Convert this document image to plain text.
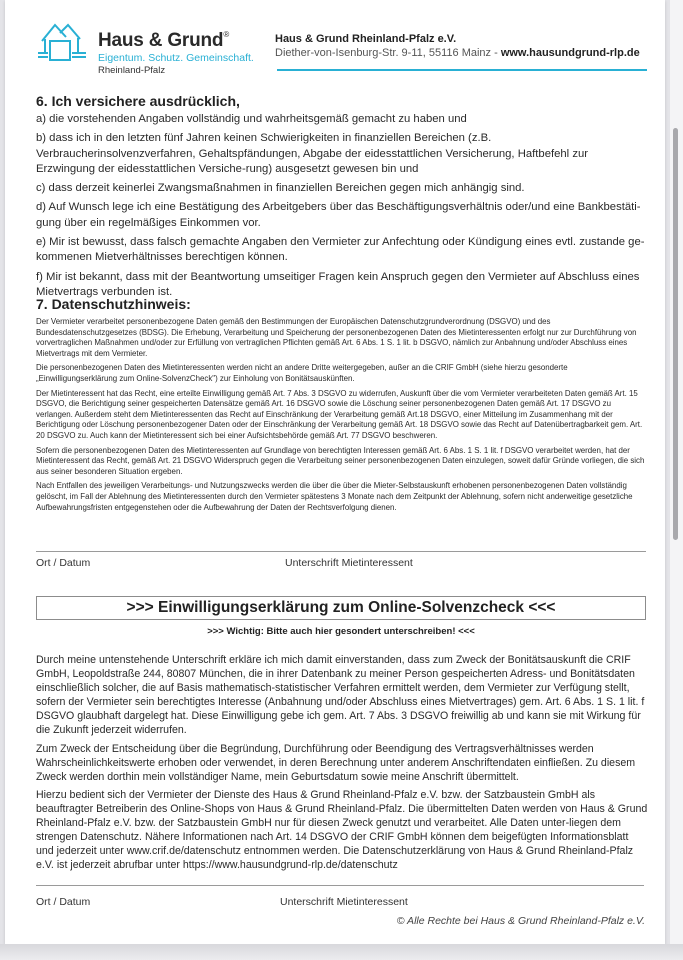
Haus & Grund®
Eigentum. Schutz. Gemeinschaft.
Rheinland-Pfalz
Haus & Grund Rheinland-Pfalz e.V.
Diether-von-Isenburg-Str. 9-11, 55116 Mainz - www.hausundgrund-rlp.de
6. Ich versichere ausdrücklich,

a) die vorstehenden Angaben vollständig und wahrheitsgemäß gemacht zu haben und

b) dass ich in den letzten fünf Jahren keinen Schwierigkeiten in finanziellen Bereichen (z.B. Verbraucherinsolvenzverfahren, Gehaltspfändungen, Abgabe der eidesstattlichen Versicherung, Haftbefehl zur Erzwingung der eidesstattlichen Versiche-rung) ausgesetzt gewesen bin und

c) dass derzeit keinerlei Zwangsmaßnahmen in finanziellen Bereichen gegen mich anhängig sind.

d) Auf Wunsch lege ich eine Bestätigung des Arbeitgebers über das Beschäftigungsverhältnis oder/und eine Bankbestäti-gung über ein regelmäßiges Einkommen vor.

e) Mir ist bewusst, dass falsch gemachte Angaben den Vermieter zur Anfechtung oder Kündigung eines evtl. zustande ge-kommenen Mietverhältnisses berechtigen können.

f) Mir ist bekannt, dass mit der Beantwortung umseitiger Fragen kein Anspruch gegen den Vermieter auf Abschluss eines Mietvertrags verbunden ist.

7. Datenschutzhinweis:

Der Vermieter verarbeitet personenbezogene Daten gemäß den Bestimmungen der Europäischen Datenschutzgrundverordnung (DSGVO) und des Bundesdatenschutzgesetzes (BDSG). Die Erhebung, Verarbeitung und Speicherung der personenbezogenen Daten des Mietinteressenten erfolgt nur zur Durchführung von vorvertraglichen Maßnahmen und/oder zur Erfüllung von vertraglichen Pflichten gemäß Art. 6 Abs. 1 S. 1 lit. b DSGVO, nämlich zur Anbahnung und/oder Abschluss eines Mietvertrags mit dem Vermieter.

Die personenbezogenen Daten des Mietinteressenten werden nicht an andere Dritte weitergegeben, außer an die CRIF GmbH (siehe hierzu gesonderte „Einwilligungserklärung zum Online-SolvenzCheck") zur Einholung von Bonitätsauskünften.

Der Mietinteressent hat das Recht, eine erteilte Einwilligung gemäß Art. 7 Abs. 3 DSGVO zu widerrufen, Auskunft über die vom Vermieter verarbeiteten Daten gemäß Art. 15 DSGVO, die Berichtigung seiner gespeicherten Datensätze gemäß Art. 16 DSGVO sowie die Löschung seiner personenbezogenen Daten gemäß Art. 17 DSGVO zu verlangen. Außerdem steht dem Mietinteressenten das Recht auf Einschränkung der Verarbeitung gemäß Art.18 DSGVO, einer Mitteilung im Zusammenhang mit der Berichtigung oder Löschung personenbezogener Daten oder der Einschränkung der Verarbeitung gemäß Art. 18 DSGVO sowie das Recht auf Datenübertragbarkeit gem. Art. 20 DSGVO zu. Auch kann der Mietinteressent sich bei einer Aufsichtsbehörde gemäß Art. 77 DSGVO beschweren.

Sofern die personenbezogenen Daten des Mietinteressenten auf Grundlage von berechtigten Interessen gemäß Art. 6 Abs. 1 S. 1 lit. f DSGVO verarbeitet werden, hat der Mietinteressent das Recht, gemäß Art. 21 DSGVO Widerspruch gegen die Verarbeitung seiner personenbezogenen Daten einzulegen, soweit dafür Gründe vorliegen, die sich aus seiner besonderen Situation ergeben.

Nach Entfallen des jeweiligen Verarbeitungs- und Nutzungszwecks werden die über die über die Mieter-Selbstauskunft erhobenen personenbezogenen Daten vollständig gelöscht, im Fall der Ablehnung des Mietinteressenten durch den Vermieter spätestens 3 Monate nach dem Zeitpunkt der Ablehnung, sofern nicht anderweitige gesetzliche Aufbewahrungsfristen entgegenstehen oder die Aufbewahrung der Daten der Rechtsverfolgung dienen.

Ort / Datum	Unterschrift Mietinteressent
>>> Einwilligungserklärung zum Online-Solvenzcheck <<<
>>> Wichtig: Bitte auch hier gesondert unterschreiben! <<<

Durch meine untenstehende Unterschrift erkläre ich mich damit einverstanden, dass zum Zweck der Bonitätsauskunft die CRIF GmbH, Leopoldstraße 244, 80807 München, die in ihrer Datenbank zu meiner Person gespeicherten Adress- und Bonitätsdaten einschließlich solcher, die auf Basis mathematisch-statistischer Verfahren ermittelt werden, dem Vermieter zur Verfügung stellt, sofern der Vermieter sein berechtigtes Interesse (Anbahnung und/oder Abschluss eines Mietvertrages) gem. Art. 6 Abs. 1 S. 1 lit. f DSGVO glaubhaft dargelegt hat. Diese Einwilligung gebe ich gem. Art. 7 Abs. 3 DSGVO freiwillig ab und kann sie mit Wirkung für die Zukunft jederzeit widerrufen.

Zum Zweck der Entscheidung über die Begründung, Durchführung oder Beendigung des Vertragsverhältnisses werden Wahrscheinlichkeitswerte erhoben oder verwendet, in deren Berechnung unter anderem Anschriftendaten einfließen. Zu diesem Zweck werden dorthin mein vollständiger Name, mein Geburtsdatum sowie meine Anschrift übermittelt.

Hierzu bedient sich der Vermieter der Dienste des Haus & Grund Rheinland-Pfalz e.V. bzw. der Satzbaustein GmbH als beauftragter Betreiberin des Online-Shops von Haus & Grund Rheinland-Pfalz. Die übermittelten Daten werden von Haus & Grund Rheinland-Pfalz e.V. bzw. der Satzbaustein GmbH nur für diesen Zweck genutzt und verarbeitet. Alle Daten unter-liegen dem strengen Datenschutz. Nähere Informationen nach Art. 14 DSGVO der CRIF GmbH können dem beigefügten Informationsblatt und jederzeit unter www.crif.de/datenschutz entnommen werden. Die Datenschutzerklärung von Haus & Grund Rheinland-Pfalz e.V. ist jederzeit abrufbar unter https://www.hausundgrund-rlp.de/datenschutz

Ort / Datum	Unterschrift Mietinteressent
© Alle Rechte bei Haus & Grund Rheinland-Pfalz e.V.
